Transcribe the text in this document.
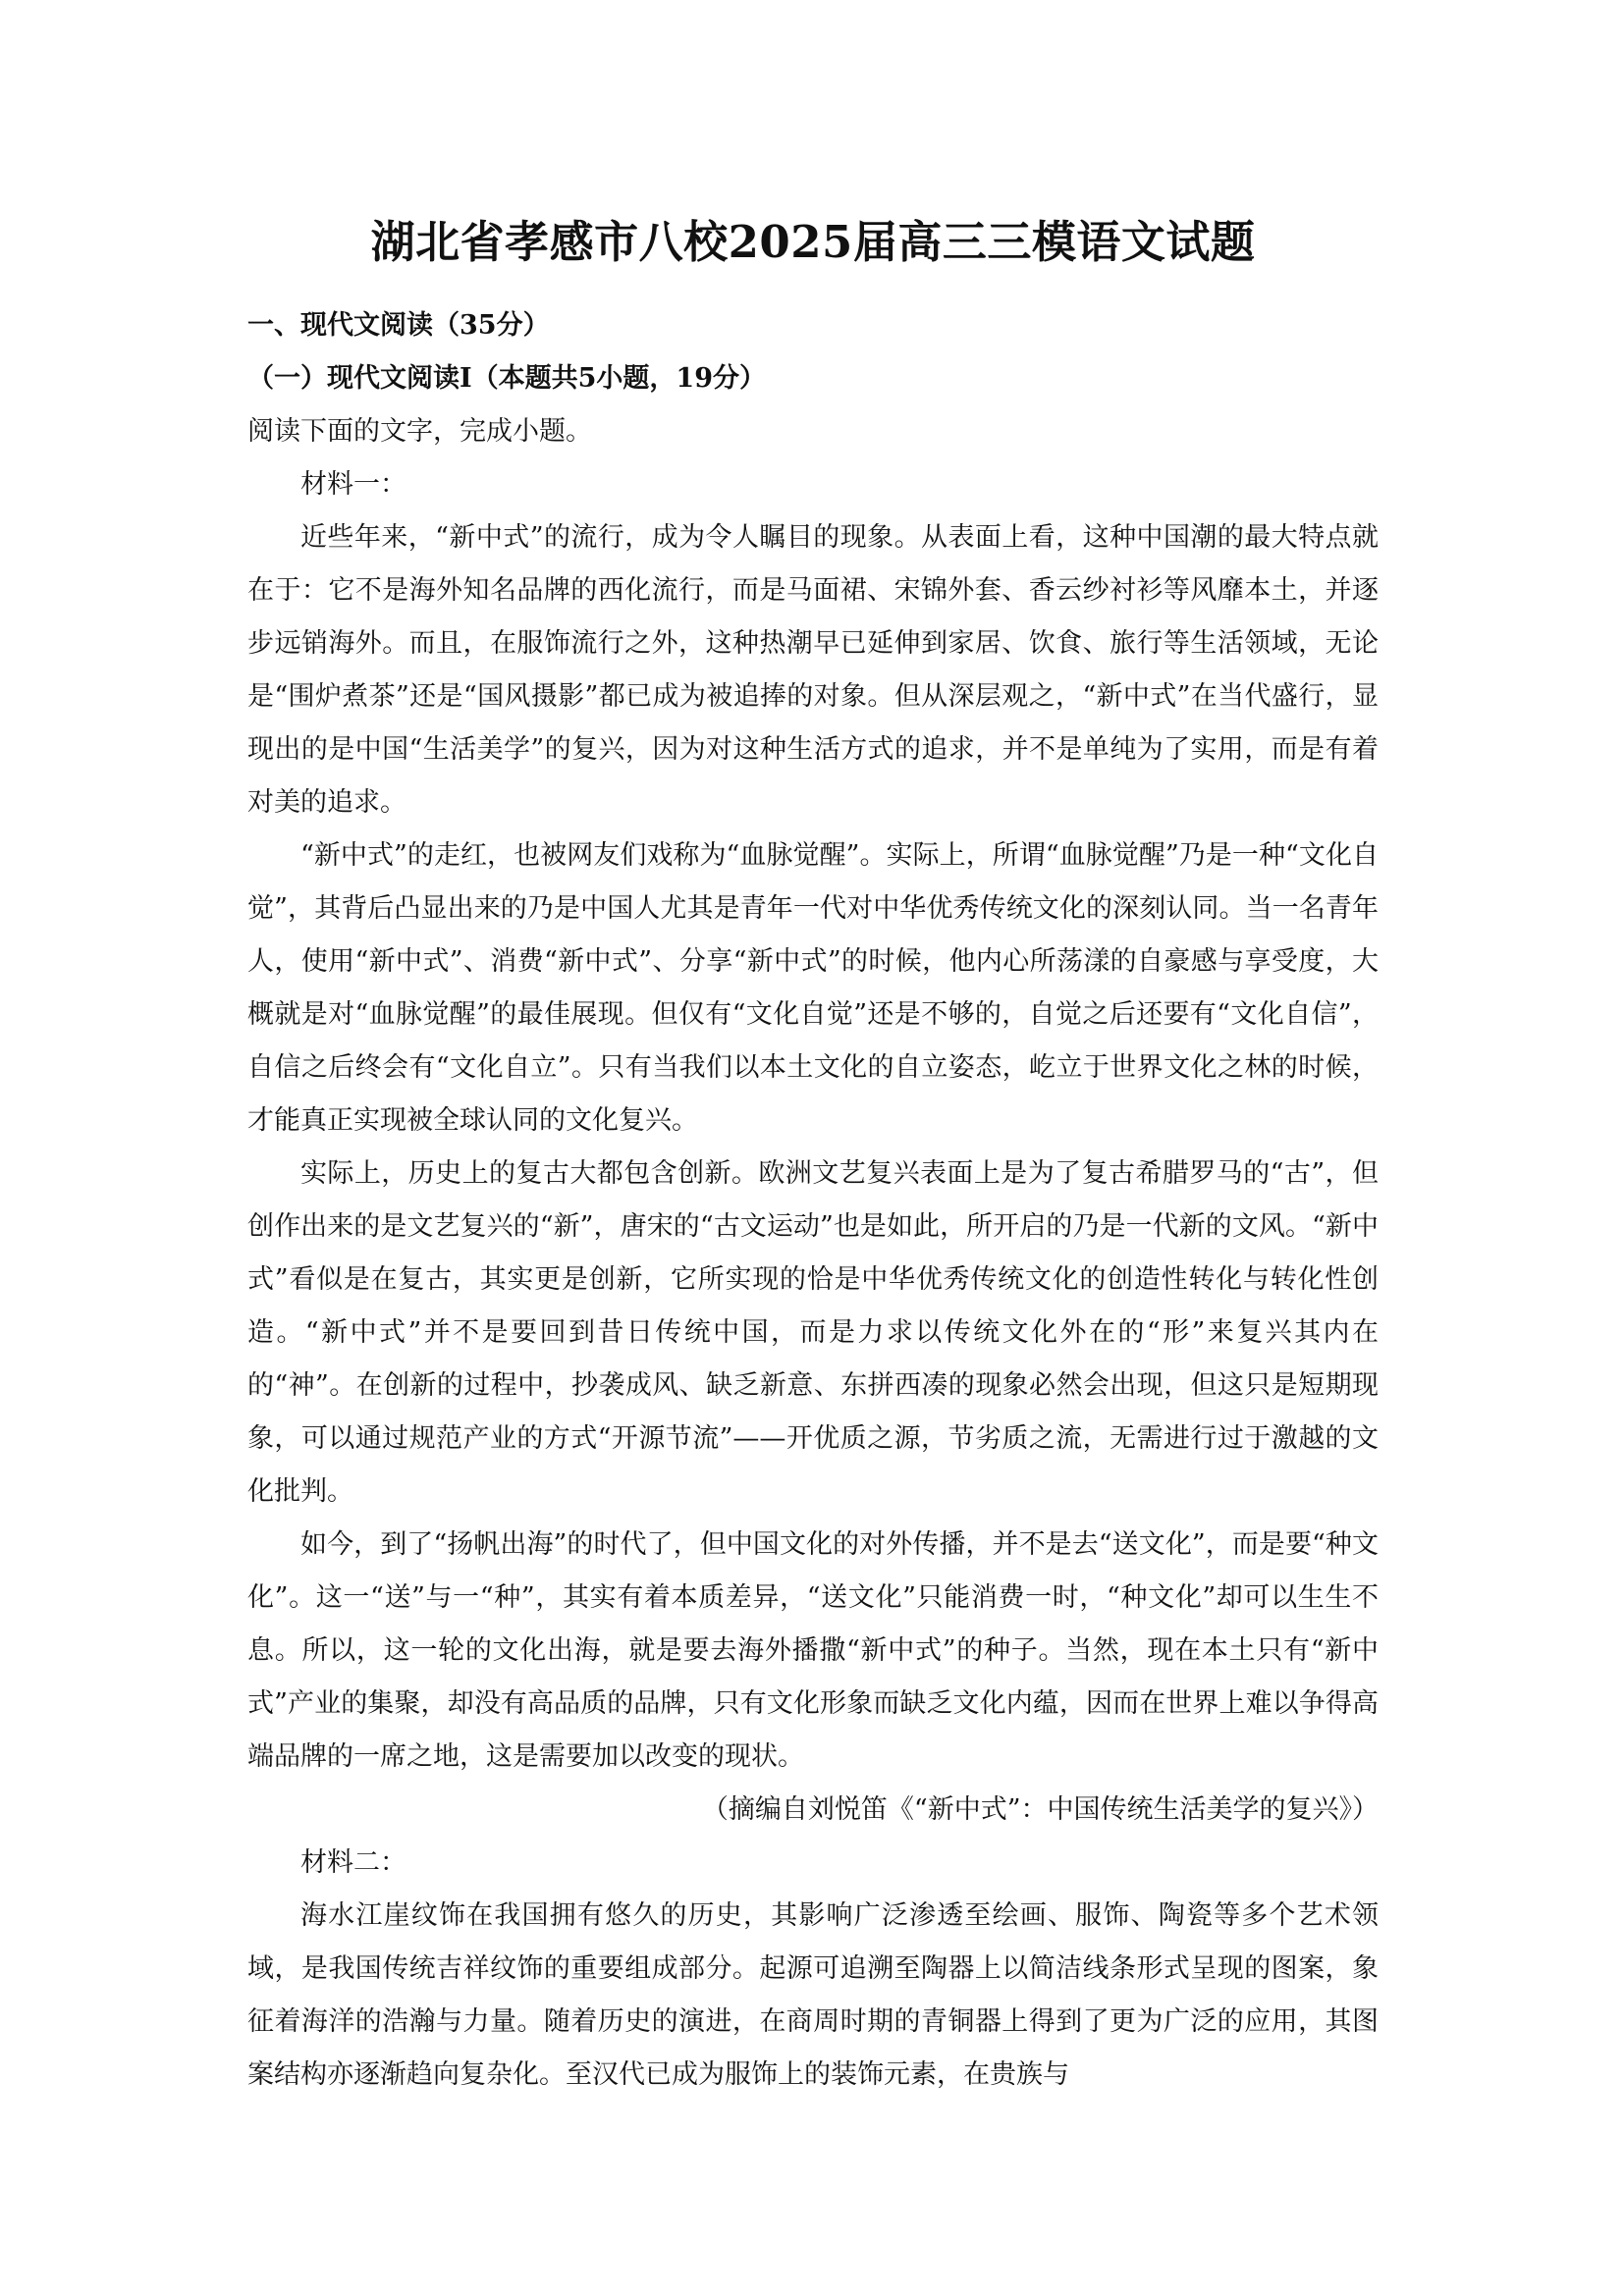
湖北省孝感市八校2025届高三三模语文试题
一、现代文阅读（35分）
（一）现代文阅读Ⅰ（本题共5小题，19分）
阅读下面的文字，完成小题。
材料一：

近些年来，“新中式”的流行，成为令人瞩目的现象。从表面上看，这种中国潮的最大特点就在于：它不是海外知名品牌的西化流行，而是马面裙、宋锦外套、香云纱衬衫等风靡本土，并逐步远销海外。而且，在服饰流行之外，这种热潮早已延伸到家居、饮食、旅行等生活领域，无论是“围炉煮茶”还是“国风摄影”都已成为被追捧的对象。但从深层观之，“新中式”在当代盛行，显现出的是中国“生活美学”的复兴，因为对这种生活方式的追求，并不是单纯为了实用，而是有着对美的追求。

“新中式”的走红，也被网友们戏称为“血脉觉醒”。实际上，所谓“血脉觉醒”乃是一种“文化自觉”，其背后凸显出来的乃是中国人尤其是青年一代对中华优秀传统文化的深刻认同。当一名青年人，使用“新中式”、消费“新中式”、分享“新中式”的时候，他内心所荡漾的自豪感与享受度，大概就是对“血脉觉醒”的最佳展现。但仅有“文化自觉”还是不够的，自觉之后还要有“文化自信”，自信之后终会有“文化自立”。只有当我们以本土文化的自立姿态，屹立于世界文化之林的时候，才能真正实现被全球认同的文化复兴。

实际上，历史上的复古大都包含创新。欧洲文艺复兴表面上是为了复古希腊罗马的“古”，但创作出来的是文艺复兴的“新”，唐宋的“古文运动”也是如此，所开启的乃是一代新的文风。“新中式”看似是在复古，其实更是创新，它所实现的恰是中华优秀传统文化的创造性转化与转化性创造。“新中式”并不是要回到昔日传统中国，而是力求以传统文化外在的“形”来复兴其内在的“神”。在创新的过程中，抄袭成风、缺乏新意、东拼西凑的现象必然会出现，但这只是短期现象，可以通过规范产业的方式“开源节流”——开优质之源，节劣质之流，无需进行过于激越的文化批判。

如今，到了“扬帆出海”的时代了，但中国文化的对外传播，并不是去“送文化”，而是要“种文化”。这一“送”与一“种”，其实有着本质差异，“送文化”只能消费一时，“种文化”却可以生生不息。所以，这一轮的文化出海，就是要去海外播撒“新中式”的种子。当然，现在本土只有“新中式”产业的集聚，却没有高品质的品牌，只有文化形象而缺乏文化内蕴，因而在世界上难以争得高端品牌的一席之地，这是需要加以改变的现状。

（摘编自刘悦笛《“新中式”：中国传统生活美学的复兴》）
材料二：

海水江崖纹饰在我国拥有悠久的历史，其影响广泛渗透至绘画、服饰、陶瓷等多个艺术领域，是我国传统吉祥纹饰的重要组成部分。起源可追溯至陶器上以简洁线条形式呈现的图案，象征着海洋的浩瀚与力量。随着历史的演进，在商周时期的青铜器上得到了更为广泛的应用，其图案结构亦逐渐趋向复杂化。至汉代已成为服饰上的装饰元素，在贵族与
